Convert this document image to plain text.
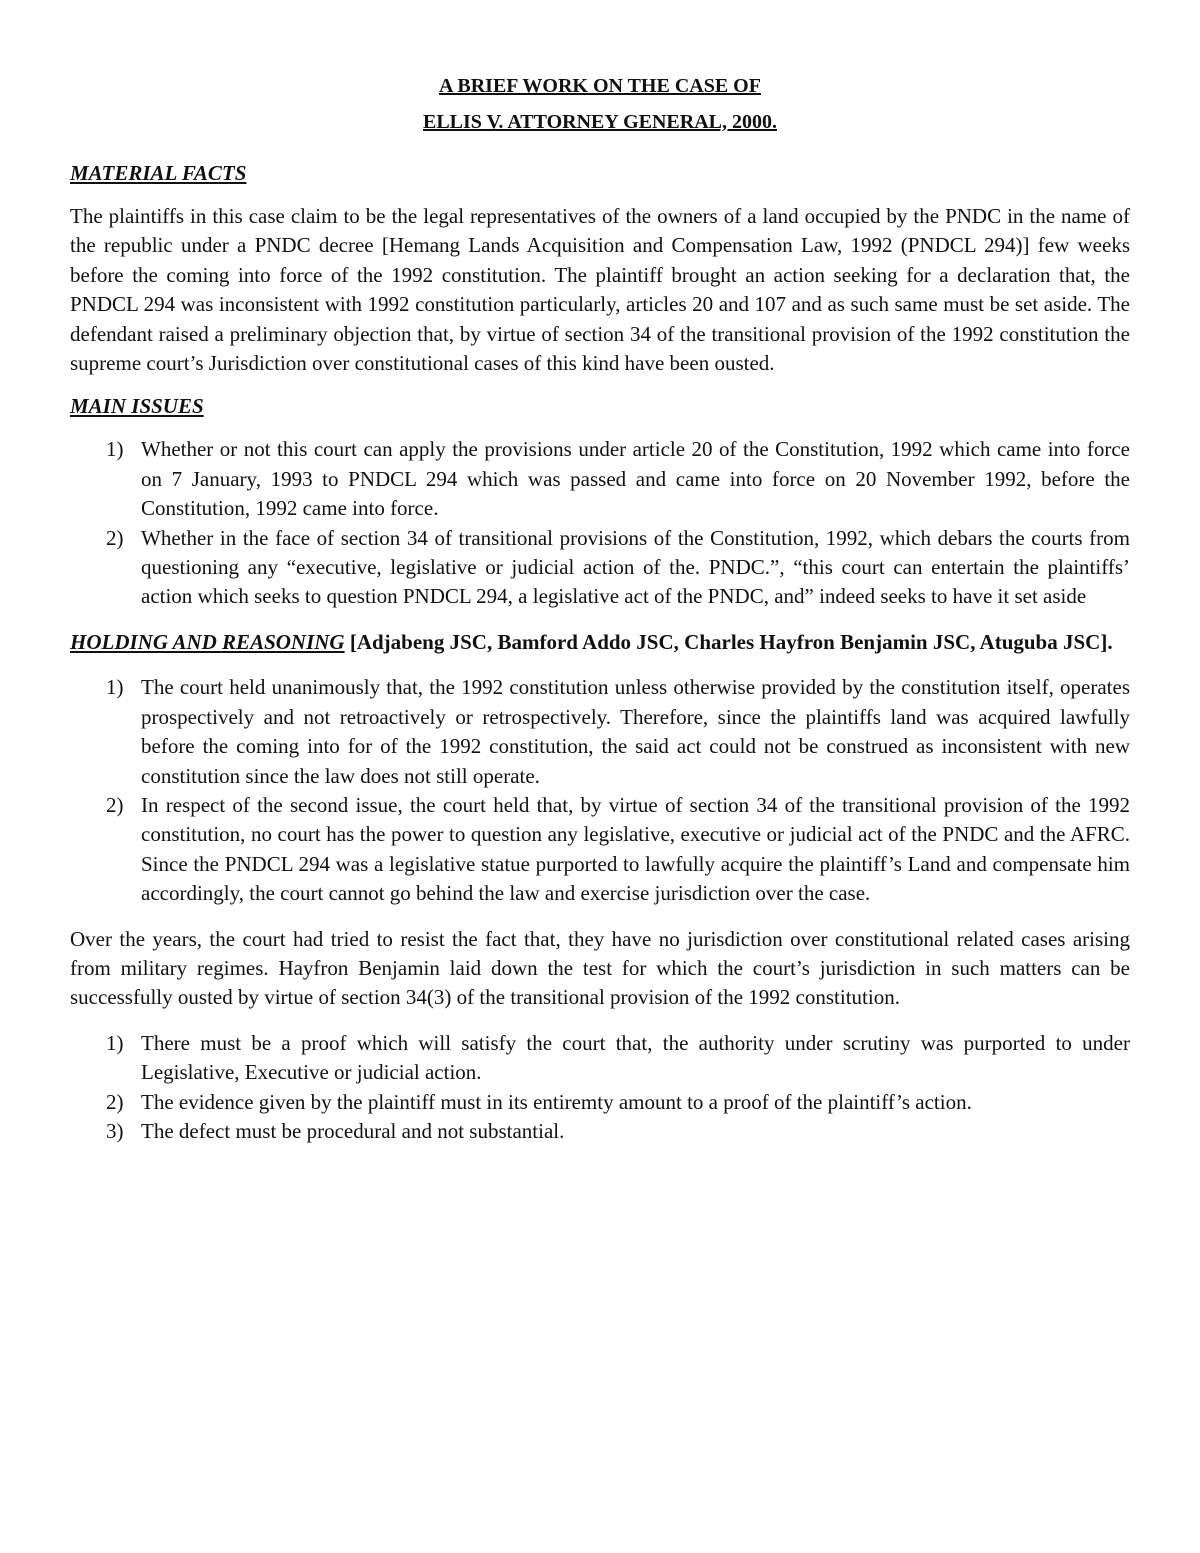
A BRIEF WORK ON THE CASE OF
ELLIS V. ATTORNEY GENERAL, 2000.
MATERIAL FACTS

The plaintiffs in this case claim to be the legal representatives of the owners of a land occupied by the PNDC in the name of the republic under a PNDC decree [Hemang Lands Acquisition and Compensation Law, 1992 (PNDCL 294)] few weeks before the coming into force of the 1992 constitution. The plaintiff brought an action seeking for a declaration that, the PNDCL 294 was inconsistent with 1992 constitution particularly, articles 20 and 107 and as such same must be set aside. The defendant raised a preliminary objection that, by virtue of section 34 of the transitional provision of the 1992 constitution the supreme court’s Jurisdiction over constitutional cases of this kind have been ousted.

MAIN ISSUES
1) Whether or not this court can apply the provisions under article 20 of the Constitution, 1992 which came into force on 7 January, 1993 to PNDCL 294 which was passed and came into force on 20 November 1992, before the Constitution, 1992 came into force.
2) Whether in the face of section 34 of transitional provisions of the Constitution, 1992, which debars the courts from questioning any “executive, legislative or judicial action of the. PNDC.”, “this court can entertain the plaintiffs’ action which seeks to question PNDCL 294, a legislative act of the PNDC, and” indeed seeks to have it set aside

HOLDING AND REASONING [Adjabeng JSC, Bamford Addo JSC, Charles Hayfron Benjamin JSC, Atuguba JSC].

1) The court held unanimously that, the 1992 constitution unless otherwise provided by the constitution itself, operates prospectively and not retroactively or retrospectively. Therefore, since the plaintiffs land was acquired lawfully before the coming into for of the 1992 constitution, the said act could not be construed as inconsistent with new constitution since the law does not still operate.
2) In respect of the second issue, the court held that, by virtue of section 34 of the transitional provision of the 1992 constitution, no court has the power to question any legislative, executive or judicial act of the PNDC and the AFRC. Since the PNDCL 294 was a legislative statue purported to lawfully acquire the plaintiff’s Land and compensate him accordingly, the court cannot go behind the law and exercise jurisdiction over the case.

Over the years, the court had tried to resist the fact that, they have no jurisdiction over constitutional related cases arising from military regimes. Hayfron Benjamin laid down the test for which the court’s jurisdiction in such matters can be successfully ousted by virtue of section 34(3) of the transitional provision of the 1992 constitution.

1) There must be a proof which will satisfy the court that, the authority under scrutiny was purported to under Legislative, Executive or judicial action.
2) The evidence given by the plaintiff must in its entiremty amount to a proof of the plaintiff’s action.
3) The defect must be procedural and not substantial.
